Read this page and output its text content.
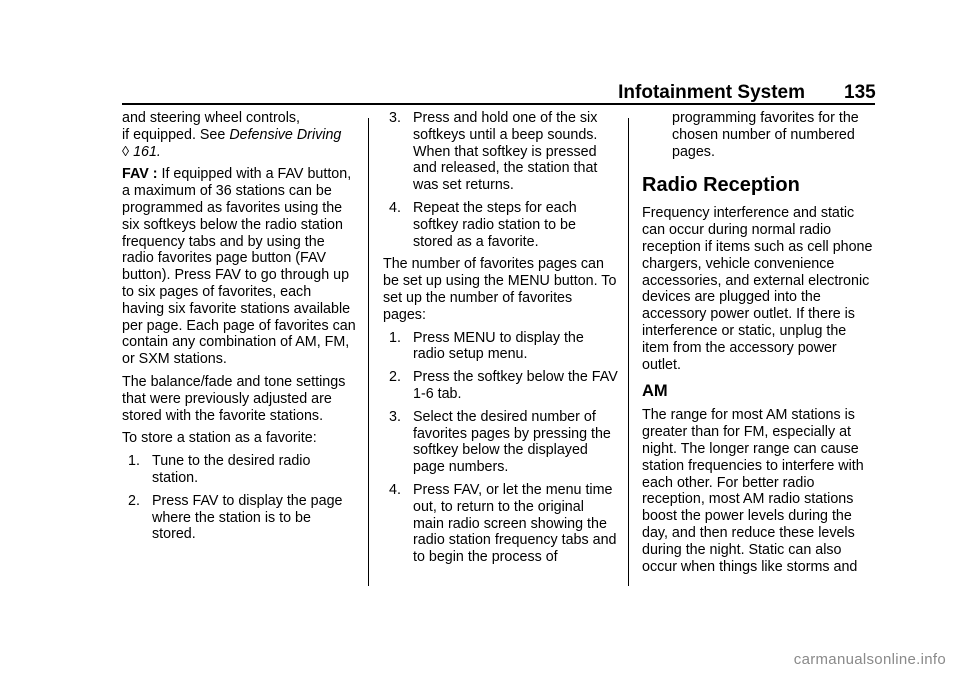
Infotainment System 135

and steering wheel controls,
if equipped. See Defensive Driving
◊ 161.

FAV : If equipped with a FAV button, a maximum of 36 stations can be programmed as favorites using the six softkeys below the radio station frequency tabs and by using the radio favorites page button (FAV button). Press FAV to go through up to six pages of favorites, each having six favorite stations available per page. Each page of favorites can contain any combination of AM, FM, or SXM stations.

The balance/fade and tone settings that were previously adjusted are stored with the favorite stations.

To store a station as a favorite:

1. Tune to the desired radio station.
2. Press FAV to display the page where the station is to be stored.
3. Press and hold one of the six softkeys until a beep sounds. When that softkey is pressed and released, the station that was set returns.
4. Repeat the steps for each softkey radio station to be stored as a favorite.

The number of favorites pages can be set up using the MENU button. To set up the number of favorites pages:

1. Press MENU to display the radio setup menu.
2. Press the softkey below the FAV 1-6 tab.
3. Select the desired number of favorites pages by pressing the softkey below the displayed page numbers.
4. Press FAV, or let the menu time out, to return to the original main radio screen showing the radio station frequency tabs and to begin the process of

programming favorites for the chosen number of numbered pages.

Radio Reception

Frequency interference and static can occur during normal radio reception if items such as cell phone chargers, vehicle convenience accessories, and external electronic devices are plugged into the accessory power outlet. If there is interference or static, unplug the item from the accessory power outlet.

AM

The range for most AM stations is greater than for FM, especially at night. The longer range can cause station frequencies to interfere with each other. For better radio reception, most AM radio stations boost the power levels during the day, and then reduce these levels during the night. Static can also occur when things like storms and

carmanualsonline.info
